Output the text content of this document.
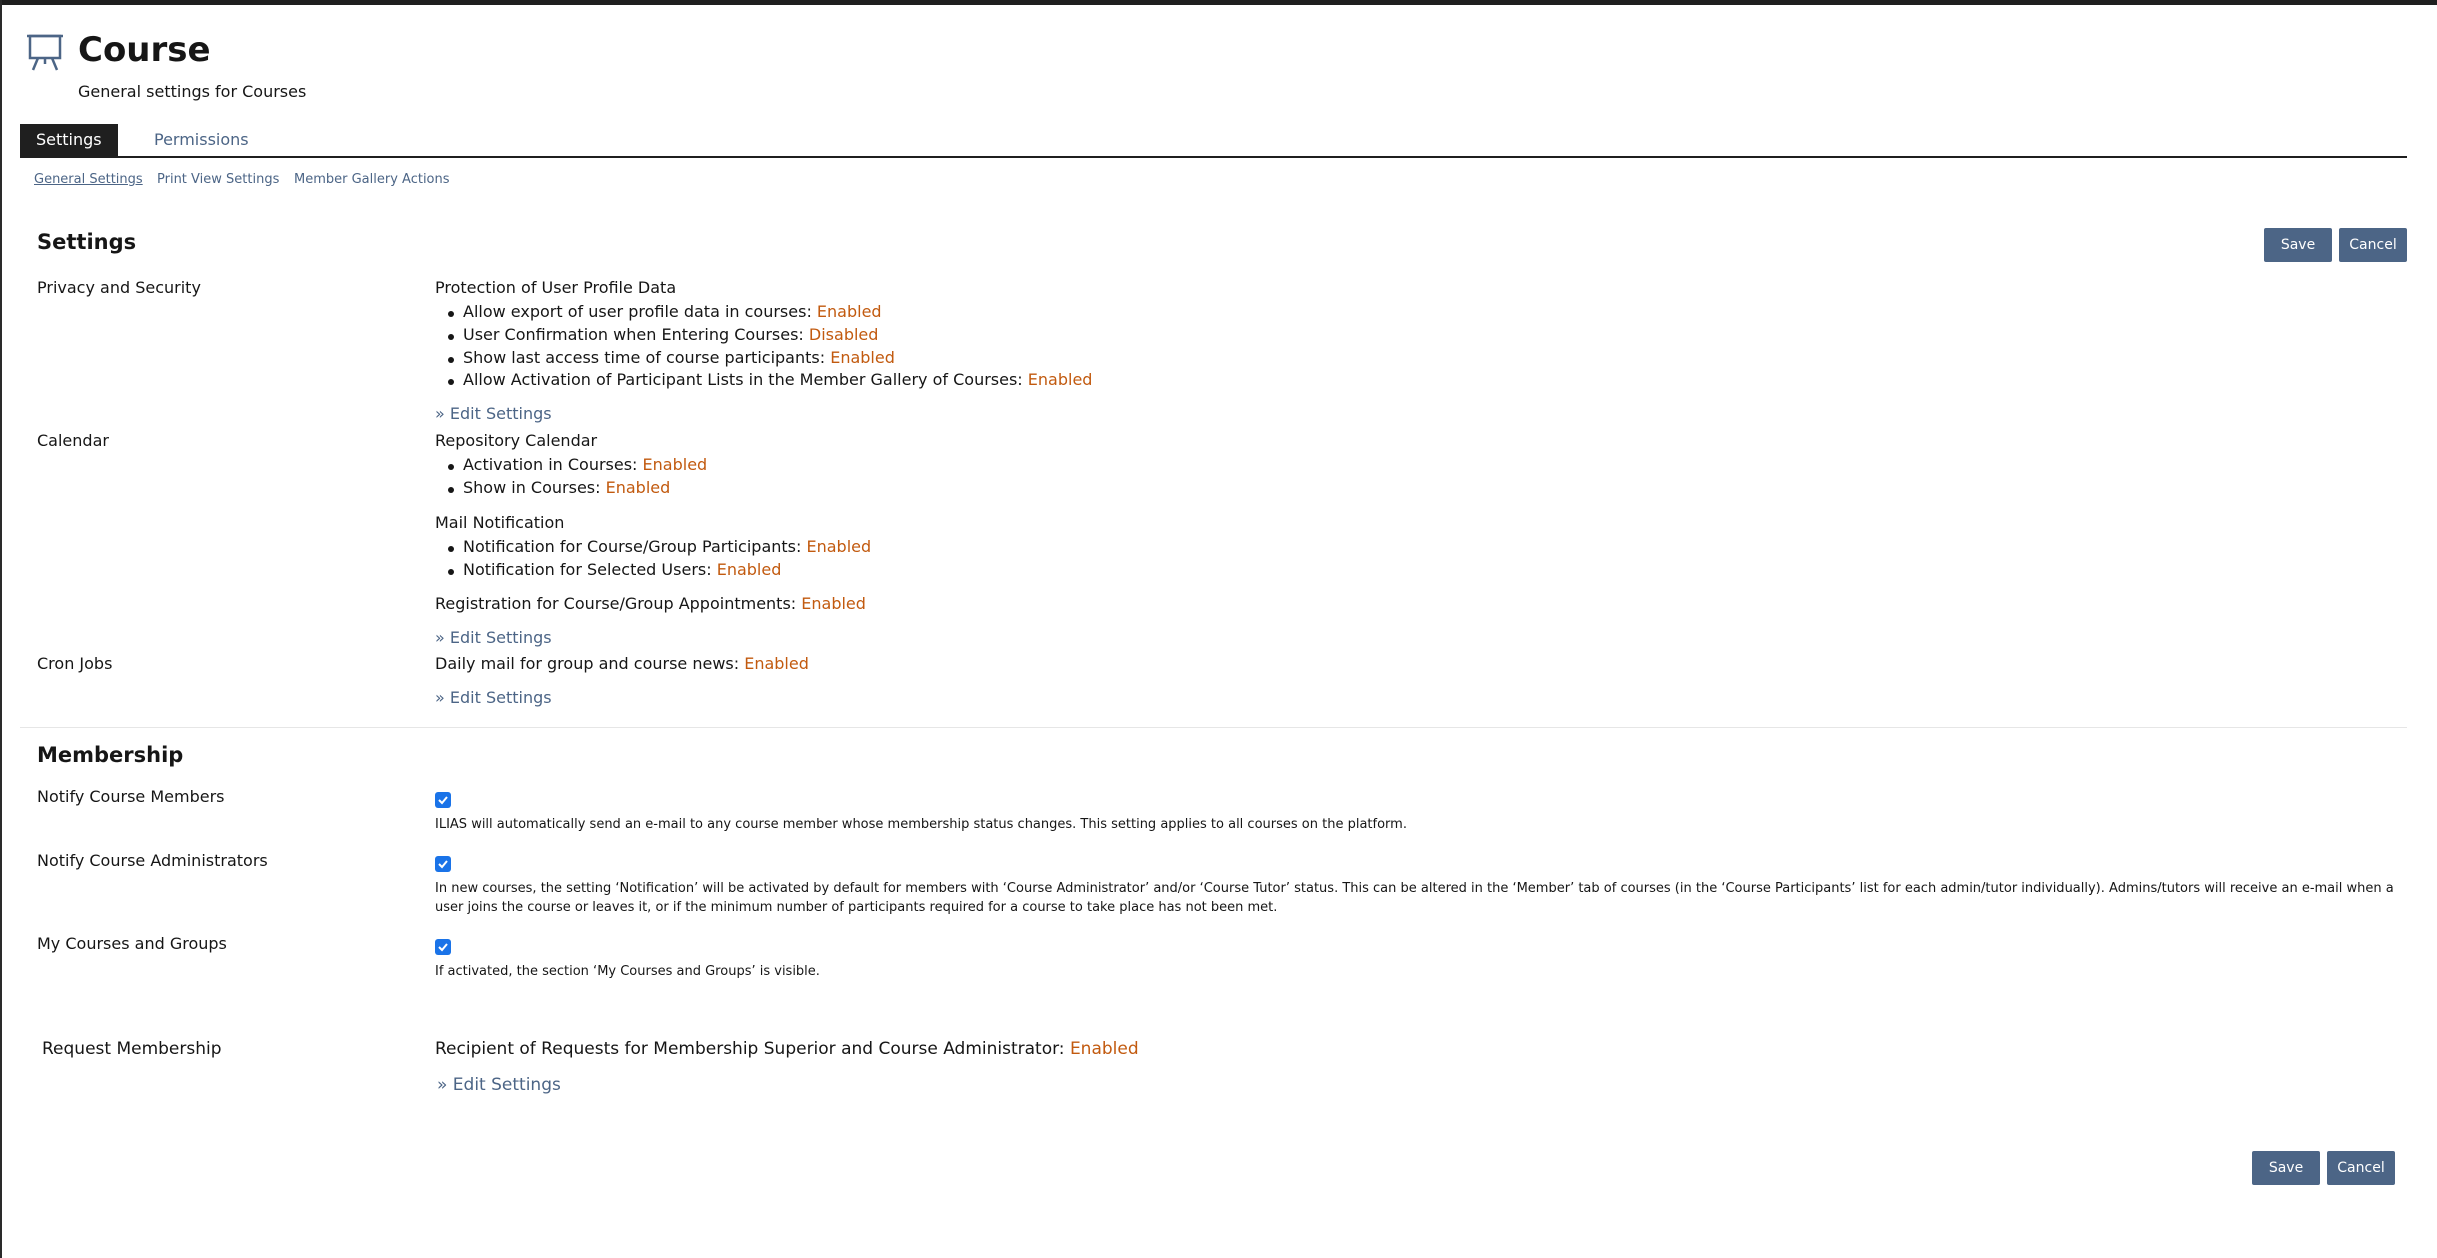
Course
General settings for Courses
Settings	Permissions
General Settings Print View Settings Member Gallery Actions
Save	Cancel
Settings
Privacy and Security	Protection of User Profile Data
Allow export of user profile data in courses: Enabled
User Confirmation when Entering Courses: Disabled
Show last access time of course participants: Enabled
Allow Activation of Participant Lists in the Member Gallery of Courses: Enabled
» Edit Settings
Calendar	Repository Calendar
Activation in Courses: Enabled
Show in Courses: Enabled
Mail Notification
Notification for Course/Group Participants: Enabled
Notification for Selected Users: Enabled
Registration for Course/Group Appointments: Enabled
» Edit Settings
Cron Jobs	Daily mail for group and course news: Enabled
» Edit Settings
Membership
Notify Course Members
ILIAS will automatically send an e-mail to any course member whose membership status changes. This setting applies to all courses on the platform.
Notify Course Administrators
In new courses, the setting ‘Notification’ will be activated by default for members with ‘Course Administrator’ and/or ‘Course Tutor’ status. This can be altered in the ‘Member’ tab of courses (in the ‘Course Participants’ list for each admin/tutor individually). Admins/tutors will receive an e-mail when a user joins the course or leaves it, or if the minimum number of participants required for a course to take place has not been met.
My Courses and Groups
If activated, the section ‘My Courses and Groups’ is visible.
Request Membership	Recipient of Requests for Membership Superior and Course Administrator: Enabled
» Edit Settings
Save	Cancel
